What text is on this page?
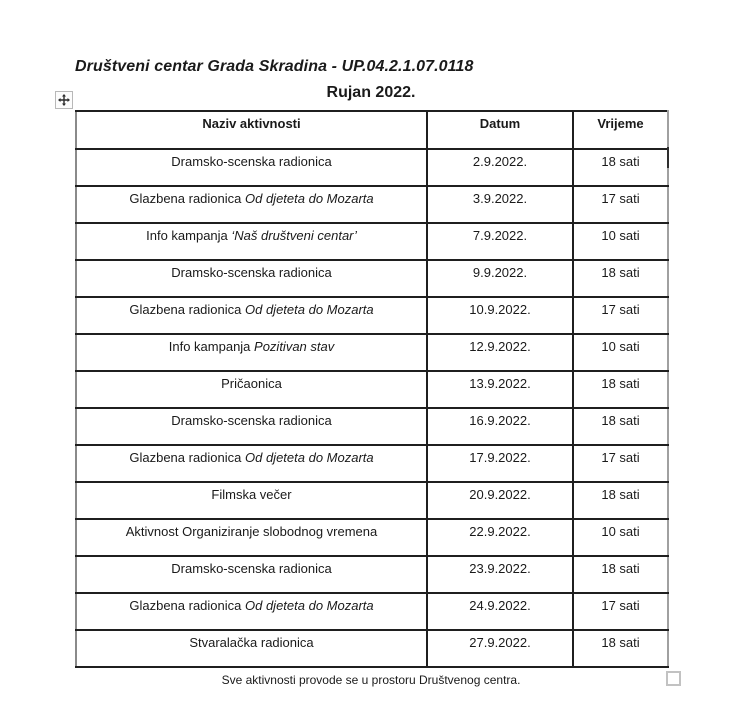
Društveni centar Grada Skradina - UP.04.2.1.07.0118
Rujan 2022.
Naziv aktivnosti	Datum	Vrijeme
Dramsko-scenska radionica	2.9.2022.	18 sati
Glazbena radionica Od djeteta do Mozarta	3.9.2022.	17 sati
Info kampanja ‘Naš društveni centar’	7.9.2022.	10 sati
Dramsko-scenska radionica	9.9.2022.	18 sati
Glazbena radionica Od djeteta do Mozarta	10.9.2022.	17 sati
Info kampanja Pozitivan stav	12.9.2022.	10 sati
Pričaonica	13.9.2022.	18 sati
Dramsko-scenska radionica	16.9.2022.	18 sati
Glazbena radionica Od djeteta do Mozarta	17.9.2022.	17 sati
Filmska večer	20.9.2022.	18 sati
Aktivnost Organiziranje slobodnog vremena	22.9.2022.	10 sati
Dramsko-scenska radionica	23.9.2022.	18 sati
Glazbena radionica Od djeteta do Mozarta	24.9.2022.	17 sati
Stvaralačka radionica	27.9.2022.	18 sati
Sve aktivnosti provode se u prostoru Društvenog centra.
